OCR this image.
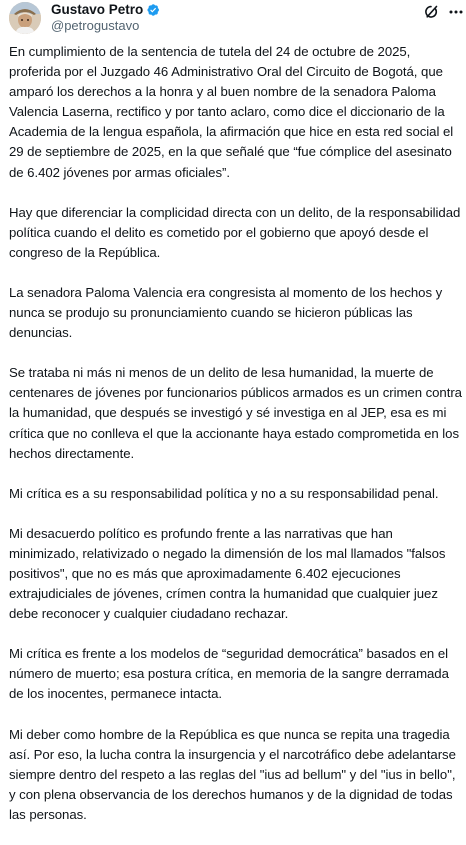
Gustavo Petro
@petrogustavo

En cumplimiento de la sentencia de tutela del 24 de octubre de 2025, proferida por el Juzgado 46 Administrativo Oral del Circuito de Bogotá, que amparó los derechos a la honra y al buen nombre de la senadora Paloma Valencia Laserna, rectifico y por tanto aclaro, como dice el diccionario de la Academia de la lengua española, la afirmación que hice en esta red social el 29 de septiembre de 2025, en la que señalé que “fue cómplice del asesinato de 6.402 jóvenes por armas oficiales”.

Hay que diferenciar la complicidad directa con un delito, de la responsabilidad política cuando el delito es cometido por el gobierno que apoyó desde el congreso de la República.

La senadora Paloma Valencia era congresista al momento de los hechos y nunca se produjo su pronunciamiento cuando se hicieron públicas las denuncias.

Se trataba ni más ni menos de un delito de lesa humanidad, la muerte de centenares de jóvenes por funcionarios públicos armados es un crimen contra la humanidad, que después se investigó y sé investiga en al JEP, esa es mi crítica que no conlleva el que la accionante haya estado comprometida en los hechos directamente.

Mi crítica es a su responsabilidad política y no a su responsabilidad penal.

Mi desacuerdo político es profundo frente a las narrativas que han minimizado, relativizado o negado la dimensión de los mal llamados "falsos positivos", que no es más que aproximadamente 6.402 ejecuciones extrajudiciales de jóvenes, crímen contra la humanidad que cualquier juez debe reconocer y cualquier ciudadano rechazar.

Mi crítica es frente a los modelos de “seguridad democrática” basados en el número de muerto; esa postura crítica, en memoria de la sangre derramada de los inocentes, permanece intacta.

Mi deber como hombre de la República es que nunca se repita una tragedia así. Por eso, la lucha contra la insurgencia y el narcotráfico debe adelantarse siempre dentro del respeto a las reglas del "ius ad bellum" y del "ius in bello", y con plena observancia de los derechos humanos y de la dignidad de todas las personas.
